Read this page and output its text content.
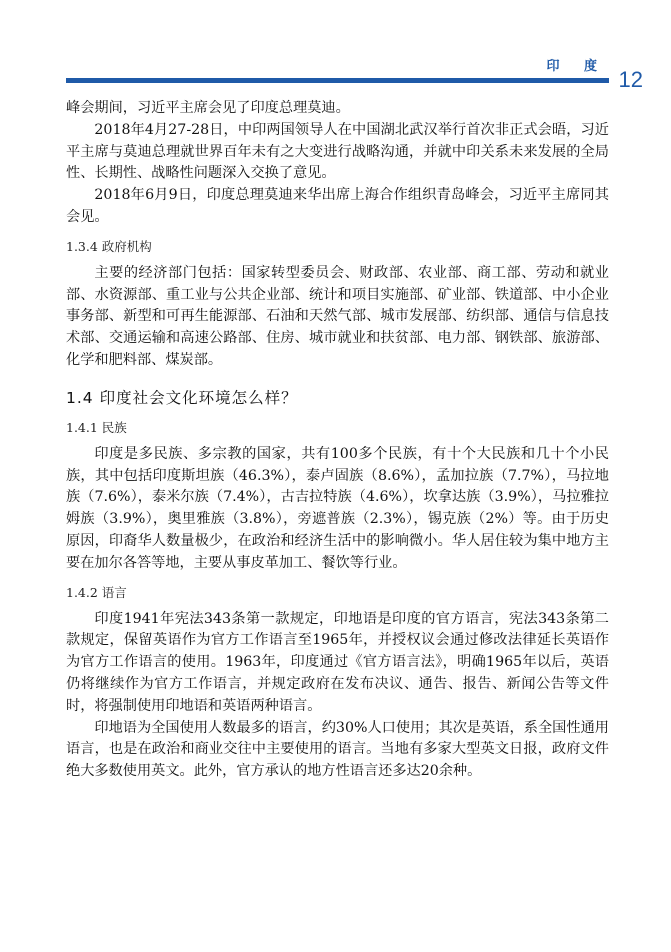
印 度
12

峰会期间，习近平主席会见了印度总理莫迪。

2018年4月27-28日，中印两国领导人在中国湖北武汉举行首次非正式会晤，习近平主席与莫迪总理就世界百年未有之大变进行战略沟通，并就中印关系未来发展的全局性、长期性、战略性问题深入交换了意见。

2018年6月9日，印度总理莫迪来华出席上海合作组织青岛峰会，习近平主席同其会见。

1.3.4 政府机构

主要的经济部门包括：国家转型委员会、财政部、农业部、商工部、劳动和就业部、水资源部、重工业与公共企业部、统计和项目实施部、矿业部、铁道部、中小企业事务部、新型和可再生能源部、石油和天然气部、城市发展部、纺织部、通信与信息技术部、交通运输和高速公路部、住房、城市就业和扶贫部、电力部、钢铁部、旅游部、化学和肥料部、煤炭部。

1.4 印度社会文化环境怎么样？
1.4.1 民族

印度是多民族、多宗教的国家，共有100多个民族，有十个大民族和几十个小民族，其中包括印度斯坦族（46.3%），泰卢固族（8.6%），孟加拉族（7.7%），马拉地族（7.6%），泰米尔族（7.4%），古吉拉特族（4.6%），坎拿达族（3.9%），马拉雅拉姆族（3.9%），奥里雅族（3.8%），旁遮普族（2.3%），锡克族（2%）等。由于历史原因，印裔华人数量极少，在政治和经济生活中的影响微小。华人居住较为集中地方主要在加尔各答等地，主要从事皮革加工、餐饮等行业。

1.4.2 语言

印度1941年宪法343条第一款规定，印地语是印度的官方语言，宪法343条第二款规定，保留英语作为官方工作语言至1965年，并授权议会通过修改法律延长英语作为官方工作语言的使用。1963年，印度通过《官方语言法》，明确1965年以后，英语仍将继续作为官方工作语言，并规定政府在发布决议、通告、报告、新闻公告等文件时，将强制使用印地语和英语两种语言。

印地语为全国使用人数最多的语言，约30%人口使用；其次是英语，系全国性通用语言，也是在政治和商业交往中主要使用的语言。当地有多家大型英文日报，政府文件绝大多数使用英文。此外，官方承认的地方性语言还多达20余种。
